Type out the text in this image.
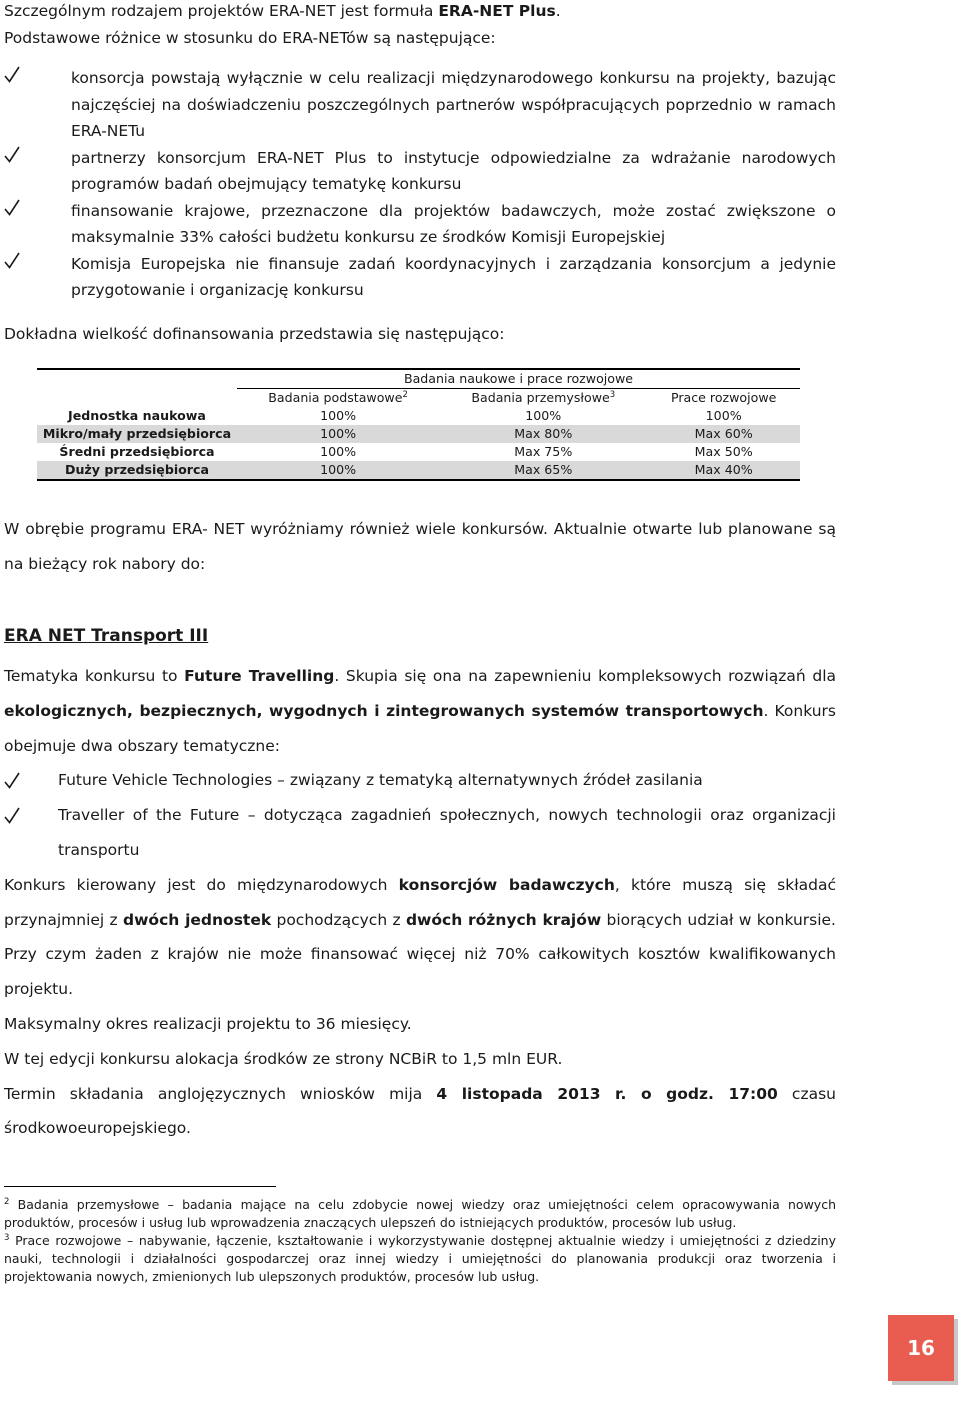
Szczególnym rodzajem projektów ERA-NET jest formuła ERA-NET Plus.

Podstawowe różnice w stosunku do ERA-NETów są następujące:

konsorcja powstają wyłącznie w celu realizacji międzynarodowego konkursu na projekty, bazując najczęściej na doświadczeniu poszczególnych partnerów współpracujących poprzednio w ramach ERA-NETu
partnerzy konsorcjum ERA-NET Plus to instytucje odpowiedzialne za wdrażanie narodowych programów badań obejmujący tematykę konkursu
finansowanie krajowe, przeznaczone dla projektów badawczych, może zostać zwiększone o maksymalnie 33% całości budżetu konkursu ze środków Komisji Europejskiej
Komisja Europejska nie finansuje zadań koordynacyjnych i zarządzania konsorcjum a jedynie przygotowanie i organizację konkursu

Dokładna wielkość dofinansowania przedstawia się następująco:

	Badania naukowe i prace rozwojowe		
	Badania podstawowe$^2$	Badania przemysłowe$^3$	Prace rozwojowe
Jednostka naukowa	100%	100%	100%
Mikro/mały przedsiębiorca	100%	Max 80%	Max 60%
Średni przedsiębiorca	100%	Max 75%	Max 50%
Duży przedsiębiorca	100%	Max 65%	Max 40%

W obrębie programu ERA- NET wyróżniamy również wiele konkursów. Aktualnie otwarte lub planowane są na bieżący rok nabory do:

ERA NET Transport III

Tematyka konkursu to Future Travelling. Skupia się ona na zapewnieniu kompleksowych rozwiązań dla ekologicznych, bezpiecznych, wygodnych i zintegrowanych systemów transportowych. Konkurs obejmuje dwa obszary tematyczne:

Future Vehicle Technologies – związany z tematyką alternatywnych źródeł zasilania
Traveller of the Future – dotycząca zagadnień społecznych, nowych technologii oraz organizacji transportu

Konkurs kierowany jest do międzynarodowych konsorcjów badawczych, które muszą się składać przynajmniej z dwóch jednostek pochodzących z dwóch różnych krajów biorących udział w konkursie. Przy czym żaden z krajów nie może finansować więcej niż 70% całkowitych kosztów kwalifikowanych projektu.

Maksymalny okres realizacji projektu to 36 miesięcy.

W tej edycji konkursu alokacja środków ze strony NCBiR to 1,5 mln EUR.

Termin składania anglojęzycznych wniosków mija 4 listopada 2013 r. o godz. 17:00 czasu środkowoeuropejskiego.

$^2$ Badania przemysłowe – badania mające na celu zdobycie nowej wiedzy oraz umiejętności celem opracowywania nowych produktów, procesów i usług lub wprowadzenia znaczących ulepszeń do istniejących produktów, procesów lub usług.

$^3$ Prace rozwojowe – nabywanie, łączenie, kształtowanie i wykorzystywanie dostępnej aktualnie wiedzy i umiejętności z dziedziny nauki, technologii i działalności gospodarczej oraz innej wiedzy i umiejętności do planowania produkcji oraz tworzenia i projektowania nowych, zmienionych lub ulepszonych produktów, procesów lub usług.

16
